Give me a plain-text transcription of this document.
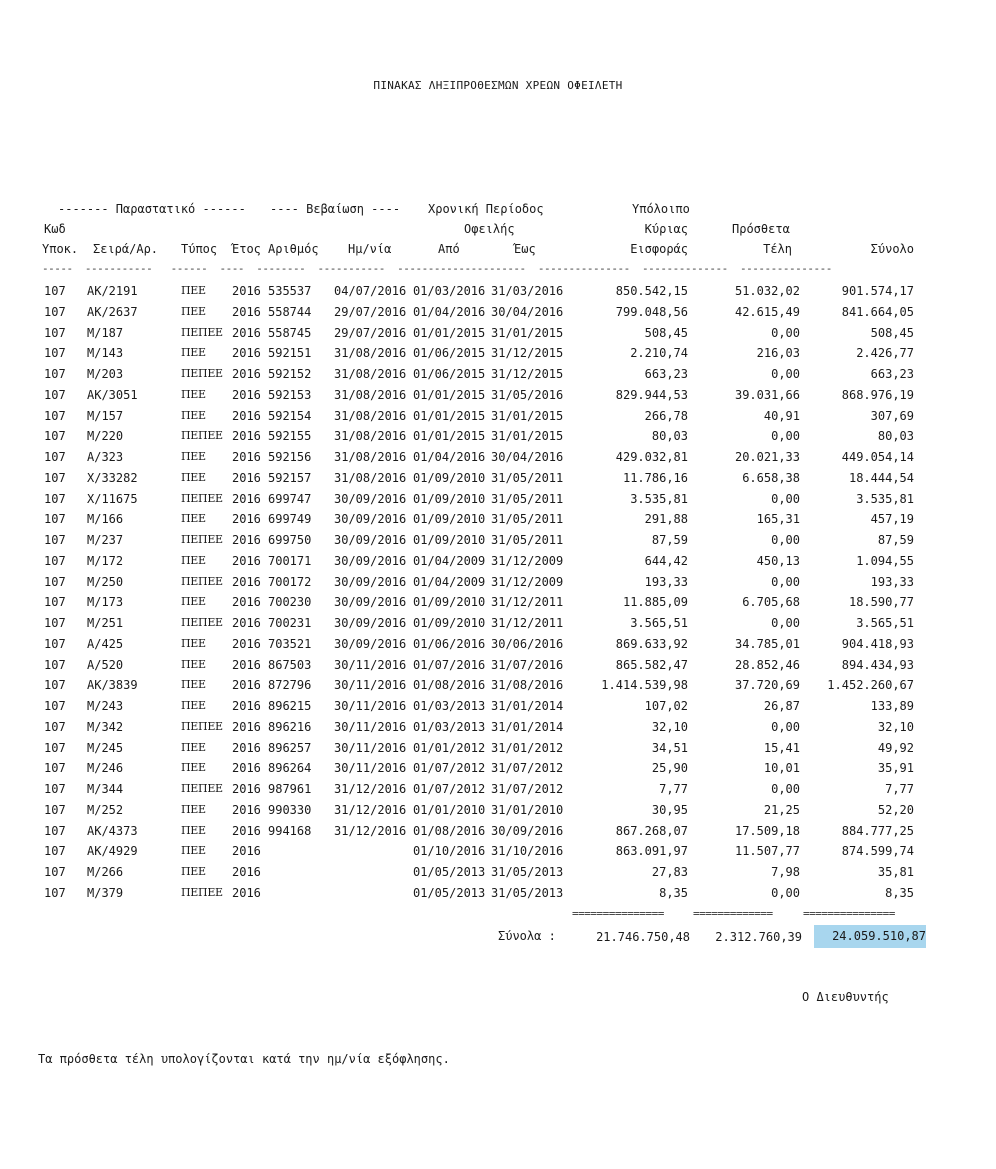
ΠΙΝΑΚΑΣ ΛΗΞΙΠΡΟΘΕΣΜΩΝ ΧΡΕΩΝ ΟΦΕΙΛΕΤΗ
------- Παραστατικό ------ ---- Βεβαίωση ---- Χρονική Περίοδος	Υπόλοιπο
Κωδ	Οφειλής	Κύριας	Πρόσθετα
Υποκ. Σειρά/Αρ. Τύπος Έτος Αριθμός Ημ/νία	Από	Έως	Εισφοράς	Τέλη	Σύνολο
-----  -----------   ------  ----  --------  -----------  ---------------------  ---------------  --------------  ---------------
107 ΑΚ/2191	ΠΕΕ 2016 535537 04/07/2016 01/03/2016 31/03/2016	850.542,15	51.032,02	901.574,17
107 ΑΚ/2637	ΠΕΕ 2016 558744 29/07/2016 01/04/2016 30/04/2016	799.048,56	42.615,49	841.664,05
107 Μ/187	ΠΕΠΕΕ 2016 558745 29/07/2016 01/01/2015 31/01/2015	508,45	0,00	508,45
107 Μ/143	ΠΕΕ 2016 592151 31/08/2016 01/06/2015 31/12/2015	2.210,74	216,03	2.426,77
107 Μ/203	ΠΕΠΕΕ 2016 592152 31/08/2016 01/06/2015 31/12/2015	663,23	0,00	663,23
107 ΑΚ/3051	ΠΕΕ 2016 592153 31/08/2016 01/01/2015 31/05/2016	829.944,53	39.031,66	868.976,19
107 Μ/157	ΠΕΕ 2016 592154 31/08/2016 01/01/2015 31/01/2015	266,78	40,91	307,69
107 Μ/220	ΠΕΠΕΕ 2016 592155 31/08/2016 01/01/2015 31/01/2015	80,03	0,00	80,03
107 Α/323	ΠΕΕ 2016 592156 31/08/2016 01/04/2016 30/04/2016	429.032,81	20.021,33	449.054,14
107 Χ/33282	ΠΕΕ 2016 592157 31/08/2016 01/09/2010 31/05/2011	11.786,16	6.658,38	18.444,54
107 Χ/11675	ΠΕΠΕΕ 2016 699747 30/09/2016 01/09/2010 31/05/2011	3.535,81	0,00	3.535,81
107 Μ/166	ΠΕΕ 2016 699749 30/09/2016 01/09/2010 31/05/2011	291,88	165,31	457,19
107 Μ/237	ΠΕΠΕΕ 2016 699750 30/09/2016 01/09/2010 31/05/2011	87,59	0,00	87,59
107 Μ/172	ΠΕΕ 2016 700171 30/09/2016 01/04/2009 31/12/2009	644,42	450,13	1.094,55
107 Μ/250	ΠΕΠΕΕ 2016 700172 30/09/2016 01/04/2009 31/12/2009	193,33	0,00	193,33
107 Μ/173	ΠΕΕ 2016 700230 30/09/2016 01/09/2010 31/12/2011	11.885,09	6.705,68	18.590,77
107 Μ/251	ΠΕΠΕΕ 2016 700231 30/09/2016 01/09/2010 31/12/2011	3.565,51	0,00	3.565,51
107 Α/425	ΠΕΕ 2016 703521 30/09/2016 01/06/2016 30/06/2016	869.633,92	34.785,01	904.418,93
107 Α/520	ΠΕΕ 2016 867503 30/11/2016 01/07/2016 31/07/2016	865.582,47	28.852,46	894.434,93
107 ΑΚ/3839	ΠΕΕ 2016 872796 30/11/2016 01/08/2016 31/08/2016	1.414.539,98	37.720,69	1.452.260,67
107 Μ/243	ΠΕΕ 2016 896215 30/11/2016 01/03/2013 31/01/2014	107,02	26,87	133,89
107 Μ/342	ΠΕΠΕΕ 2016 896216 30/11/2016 01/03/2013 31/01/2014	32,10	0,00	32,10
107 Μ/245	ΠΕΕ 2016 896257 30/11/2016 01/01/2012 31/01/2012	34,51	15,41	49,92
107 Μ/246	ΠΕΕ 2016 896264 30/11/2016 01/07/2012 31/07/2012	25,90	10,01	35,91
107 Μ/344	ΠΕΠΕΕ 2016 987961 31/12/2016 01/07/2012 31/07/2012	7,77	0,00	7,77
107 Μ/252	ΠΕΕ 2016 990330 31/12/2016 01/01/2010 31/01/2010	30,95	21,25	52,20
107 ΑΚ/4373	ΠΕΕ 2016 994168 31/12/2016 01/08/2016 30/09/2016	867.268,07	17.509,18	884.777,25
107 ΑΚ/4929	ΠΕΕ 2016	01/10/2016 31/10/2016	863.091,97	11.507,77	874.599,74
107 Μ/266	ΠΕΕ 2016	01/05/2013 31/05/2013	27,83	7,98	35,81
107 Μ/379	ΠΕΠΕΕ 2016	01/05/2013 31/05/2013	8,35	0,00	8,35
===============	=============	===============
Σύνολα :	21.746.750,48	2.312.760,39	24.059.510,87
Ο Διευθυντής
Τα πρόσθετα τέλη υπολογίζονται κατά την ημ/νία εξόφλησης.
